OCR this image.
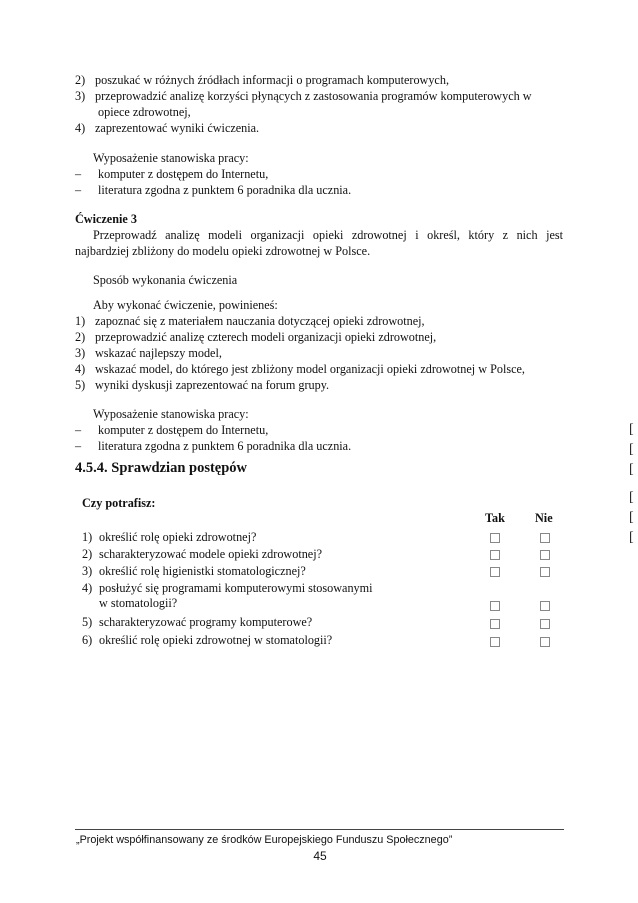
2) poszukać w różnych źródłach informacji o programach komputerowych,
3) przeprowadzić analizę korzyści płynących z zastosowania programów komputerowych w
opiece zdrowotnej,
4) zaprezentować wyniki ćwiczenia.
Wyposażenie stanowiska pracy:
– komputer z dostępem do Internetu,
– literatura zgodna z punktem 6 poradnika dla ucznia.
Ćwiczenie 3
Przeprowadź analizę modeli organizacji opieki zdrowotnej i określ, który z nich jest
najbardziej zbliżony do modelu opieki zdrowotnej w Polsce.
Sposób wykonania ćwiczenia
Aby wykonać ćwiczenie, powinieneś:
1) zapoznać się z materiałem nauczania dotyczącej opieki zdrowotnej,
2) przeprowadzić analizę czterech modeli organizacji opieki zdrowotnej,
3) wskazać najlepszy model,
4) wskazać model, do którego jest zbliżony model organizacji opieki zdrowotnej w Polsce,
5) wyniki dyskusji zaprezentować na forum grupy.
Wyposażenie stanowiska pracy:
– komputer z dostępem do Internetu,
– literatura zgodna z punktem 6 poradnika dla ucznia.
4.5.4. Sprawdzian postępów
Czy potrafisz:
Tak Nie
1) określić rolę opieki zdrowotnej?
2) scharakteryzować modele opieki zdrowotnej?
3) określić rolę higienistki stomatologicznej?
4) posłużyć się programami komputerowymi stosowanymi
w stomatologii?
5) scharakteryzować programy komputerowe?
6) określić rolę opieki zdrowotnej w stomatologii?
[
[
[
[
[
[
„Projekt współfinansowany ze środków Europejskiego Funduszu Społecznego”
45
